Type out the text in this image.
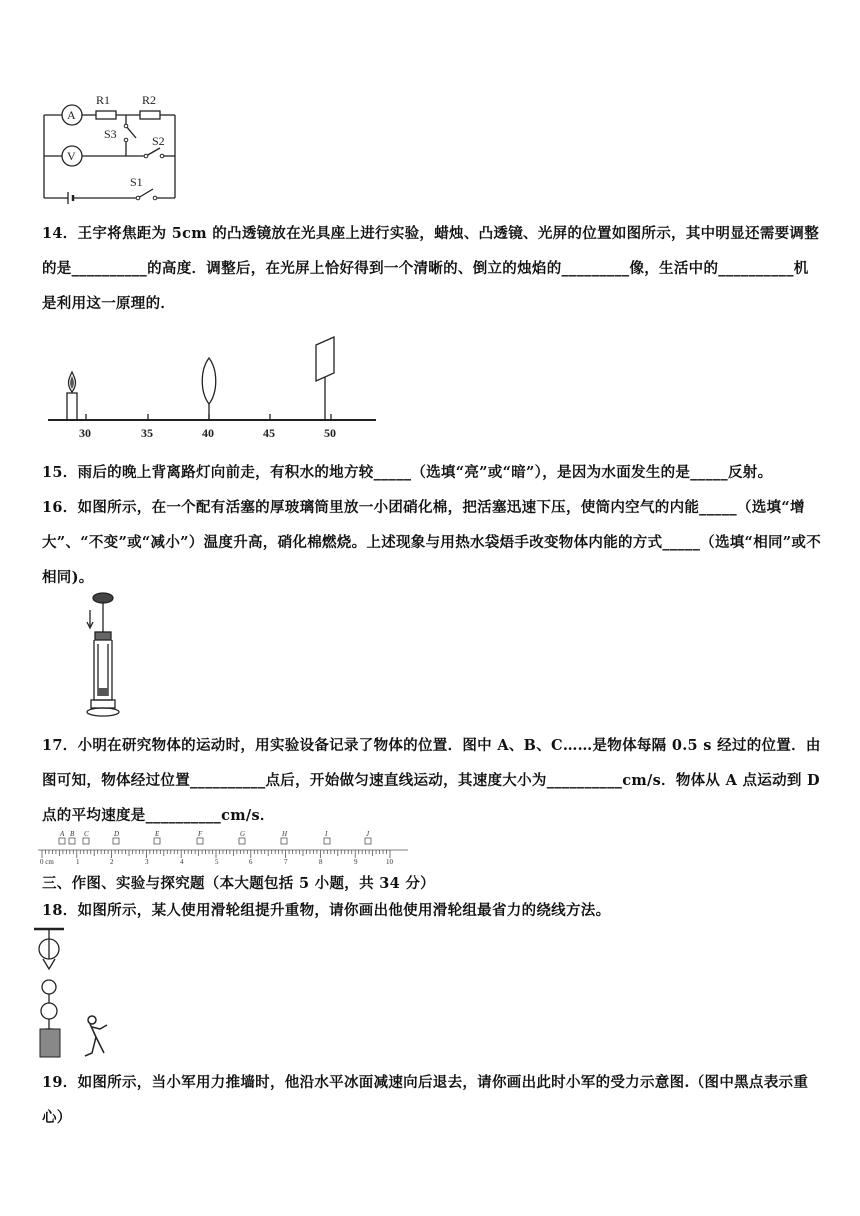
A
V
R1	R2
S3	S2
S1
14．王宇将焦距为 5cm 的凸透镜放在光具座上进行实验，蜡烛、凸透镜、光屏的位置如图所示，其中明显还需要调整的是__________的高度．调整后，在光屏上恰好得到一个清晰的、倒立的烛焰的_________像，生活中的__________机是利用这一原理的．
30	35	40	45	50
15．雨后的晚上背离路灯向前走，有积水的地方较_____（选填“亮”或“暗”），是因为水面发生的是_____反射。
16．如图所示，在一个配有活塞的厚玻璃筒里放一小团硝化棉，把活塞迅速下压，使筒内空气的内能_____（选填“增大”、“不变”或“减小”）温度升高，硝化棉燃烧。上述现象与用热水袋焐手改变物体内能的方式_____（选填“相同”或不相同)。
17．小明在研究物体的运动时，用实验设备记录了物体的位置．图中 A、B、C……是物体每隔 0.5 s 经过的位置．由图可知，物体经过位置__________点后，开始做匀速直线运动，其速度大小为__________cm/s．物体从 A 点运动到 D 点的平均速度是__________cm/s．
A B C	D	E	F	G	H	I	J
0 cm	1	2	3	4	5	6	7	8	9	10
三、作图、实验与探究题（本大题包括 5 小题，共 34 分）
18．如图所示，某人使用滑轮组提升重物，请你画出他使用滑轮组最省力的绕线方法。
19．如图所示，当小军用力推墙时，他沿水平冰面减速向后退去，请你画出此时小军的受力示意图.（图中黑点表示重心）
